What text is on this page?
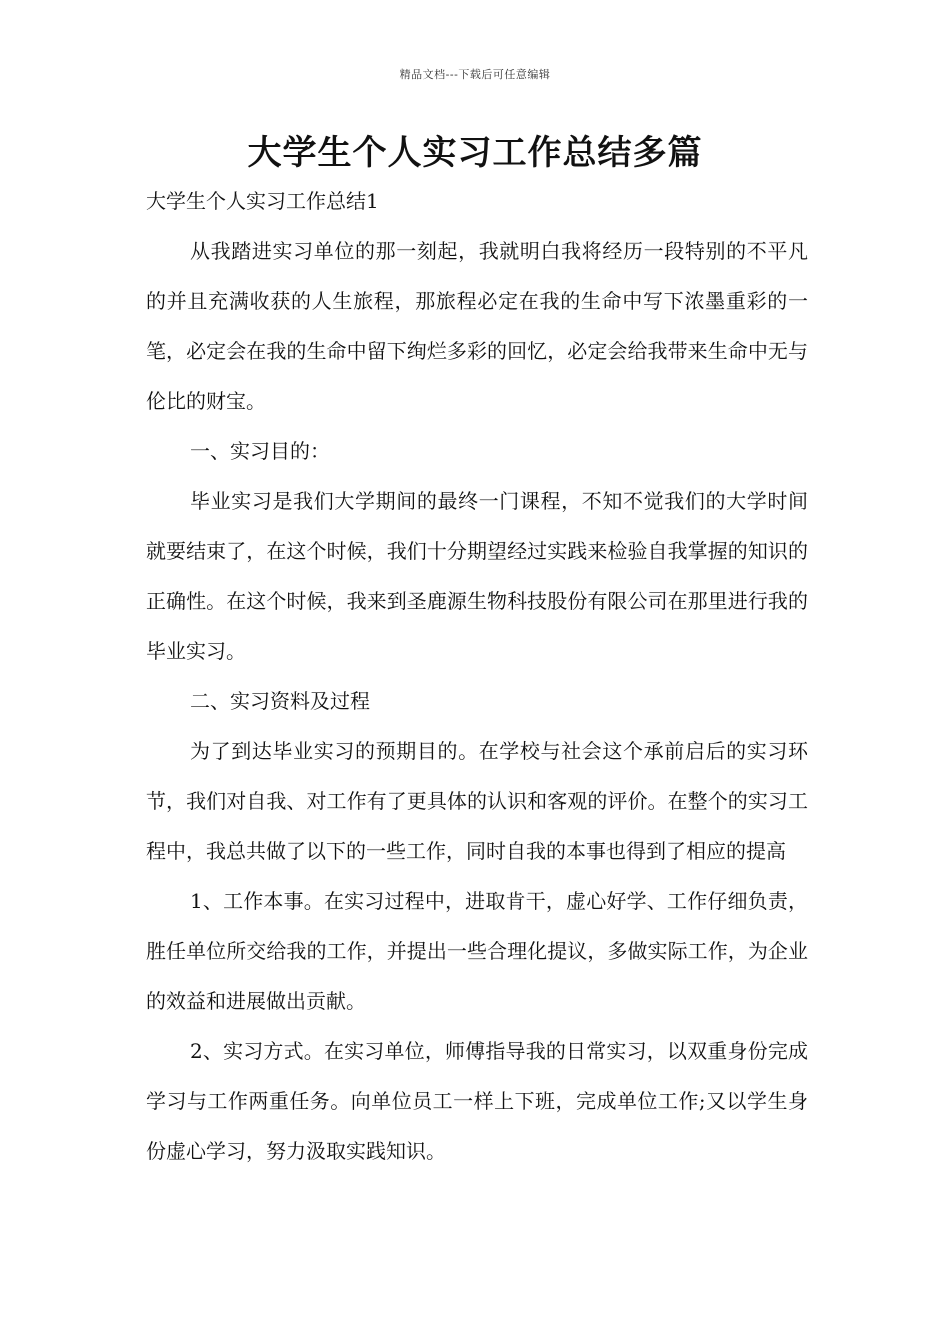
精品文档---下载后可任意编辑
大学生个人实习工作总结多篇

大学生个人实习工作总结1

从我踏进实习单位的那一刻起，我就明白我将经历一段特别的不平凡的并且充满收获的人生旅程，那旅程必定在我的生命中写下浓墨重彩的一笔，必定会在我的生命中留下绚烂多彩的回忆，必定会给我带来生命中无与伦比的财宝。

一、实习目的：

毕业实习是我们大学期间的最终一门课程，不知不觉我们的大学时间就要结束了，在这个时候，我们十分期望经过实践来检验自我掌握的知识的正确性。在这个时候，我来到圣鹿源生物科技股份有限公司在那里进行我的毕业实习。

二、实习资料及过程

为了到达毕业实习的预期目的。在学校与社会这个承前启后的实习环节，我们对自我、对工作有了更具体的认识和客观的评价。在整个的实习工程中，我总共做了以下的一些工作，同时自我的本事也得到了相应的提高

1、工作本事。在实习过程中，进取肯干，虚心好学、工作仔细负责，胜任单位所交给我的工作，并提出一些合理化提议，多做实际工作，为企业的效益和进展做出贡献。

2、实习方式。在实习单位，师傅指导我的日常实习，以双重身份完成学习与工作两重任务。向单位员工一样上下班，完成单位工作;又以学生身份虚心学习，努力汲取实践知识。
